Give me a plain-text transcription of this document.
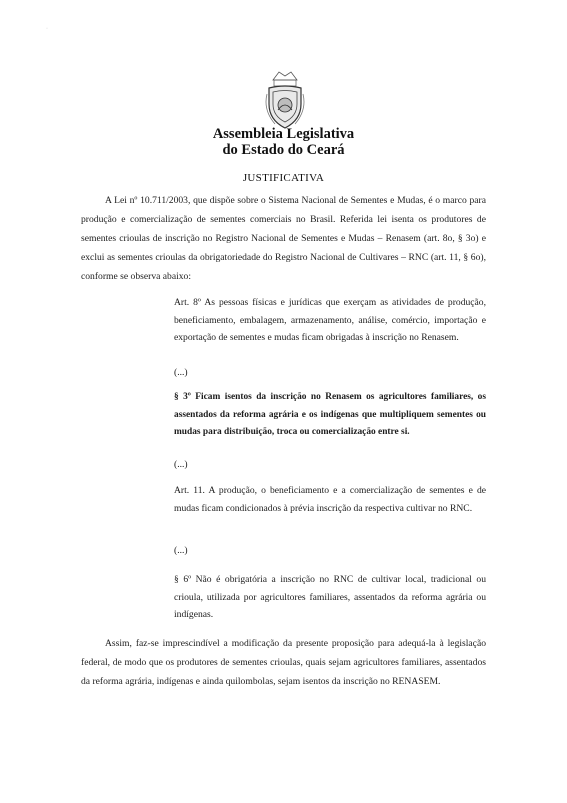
·
Assembleia Legislativa
do Estado do Ceará
JUSTIFICATIVA
A Lei nº 10.711/2003, que dispõe sobre o Sistema Nacional de Sementes e Mudas, é o marco para produção e comercialização de sementes comerciais no Brasil. Referida lei isenta os produtores de sementes crioulas de inscrição no Registro Nacional de Sementes e Mudas – Renasem (art. 8o, § 3o) e exclui as sementes crioulas da obrigatoriedade do Registro Nacional de Cultivares – RNC (art. 11, § 6o), conforme se observa abaixo:
Art. 8º As pessoas físicas e jurídicas que exerçam as atividades de produção, beneficiamento, embalagem, armazenamento, análise, comércio, importação e exportação de sementes e mudas ficam obrigadas à inscrição no Renasem.
(...)
§ 3º Ficam isentos da inscrição no Renasem os agricultores familiares, os assentados da reforma agrária e os indígenas que multipliquem sementes ou mudas para distribuição, troca ou comercialização entre si.
(...)
Art. 11. A produção, o beneficiamento e a comercialização de sementes e de mudas ficam condicionados à prévia inscrição da respectiva cultivar no RNC.
(...)
§ 6º Não é obrigatória a inscrição no RNC de cultivar local, tradicional ou crioula, utilizada por agricultores familiares, assentados da reforma agrária ou indígenas.
Assim, faz-se imprescindível a modificação da presente proposição para adequá-la à legislação federal, de modo que os produtores de sementes crioulas, quais sejam agricultores familiares, assentados da reforma agrária, indígenas e ainda quilombolas, sejam isentos da inscrição no RENASEM.
